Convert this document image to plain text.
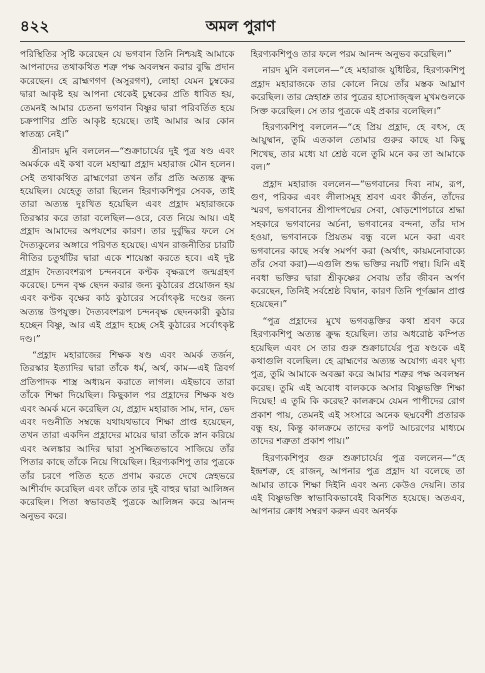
৪২২	অমল পুরাণ

পরিস্থিতির সৃষ্টি করেছেন যে ভগবান তিনি নিশ্চয়ই আমাকে আপনাদের তথাকথিত শত্রু পক্ষ অবলম্বন করার বুদ্ধি প্রদান করেছেন। হে ব্রাহ্মণগণ (অসুরগণ), লোহা যেমন চুম্বকের দ্বারা আকৃষ্ট হয় আপনা থেকেই চুম্বকের প্রতি ধাবিত হয়, তেমনই আমার চেতনা ভগবান বিষ্ণুর দ্বারা পরিবর্তিত হয়ে চক্রপাণির প্রতি আকৃষ্ট হয়েছে। তাই আমার আর কোন স্বাতন্ত্র্য নেই।”

শ্রীনারদ মুনি বললেন—“শুক্রাচার্যের দুই পুত্র ষণ্ড এবং অমর্ককে এই কথা বলে মহাত্মা প্রহ্লাদ মহারাজ মৌন হলেন। সেই তথাকথিত ব্রাহ্মণেরা তখন তাঁর প্রতি অত্যন্ত ক্রুদ্ধ হয়েছিল। যেহেতু তারা ছিলেন হিরণ্যকশিপুর সেবক, তাই তারা অত্যন্ত দুঃখিত হয়েছিল এবং প্রহ্লাদ মহারাজকে তিরস্কার করে তারা বলেছিল—ওরে, বেত নিয়ে আয়। এই প্রহ্লাদ আমাদের অপযশের কারণ। তার দুর্বুদ্ধির ফলে সে দৈত্যকুলের অঙ্গারে পরিণত হয়েছে। এখন রাজনীতির চারটি নীতির চতুর্থটির দ্বারা একে শায়েস্তা করতে হবে। এই দুষ্ট প্রহ্লাদ দৈত্যবংশরূপ চন্দনবনে কণ্টক বৃক্ষরূপে জন্মগ্রহণ করেছে। চন্দন বৃক্ষ ছেদন করার জন্য কুঠারের প্রয়োজন হয় এবং কণ্টক বৃক্ষের কাঠ কুঠারের সর্বোৎকৃষ্ট দণ্ডের জন্য অত্যন্ত উপযুক্ত। দৈত্যবংশরূপ চন্দনবৃক্ষ ছেদনকারী কুঠার হচ্ছেন বিষ্ণু, আর এই প্রহ্লাদ হচ্ছে সেই কুঠারের সর্বোৎকৃষ্ট দণ্ড।”

“প্রহ্লাদ মহারাজের শিক্ষক ষণ্ড এবং অমর্ক তর্জন, তিরস্কার ইত্যাদির দ্বারা তাঁকে ধর্ম, অর্থ, কাম—এই ত্রিবর্গ প্রতিপাদক শাস্ত্র অধ্যয়ন করাতে লাগল। এইভাবে তারা তাঁকে শিক্ষা দিয়েছিল। কিছুকাল পর প্রহ্লাদের শিক্ষক ষণ্ড এবং অমর্ক মনে করেছিল যে, প্রহ্লাদ মহারাজ সাম, দান, ভেদ এবং দণ্ডনীতি সম্বন্ধে যথাযথভাবে শিক্ষা প্রাপ্ত হয়েছেন, তখন তারা একদিন প্রহ্লাদের মায়ের দ্বারা তাঁকে স্নান করিয়ে এবং অলঙ্কার আদির দ্বারা সুসজ্জিতভাবে সাজিয়ে তাঁর পিতার কাছে তাঁকে নিয়ে গিয়েছিল। হিরণ্যকশিপু তার পুত্রকে তাঁর চরণে পতিত হতে প্রণাম করতে দেখে স্নেহভরে আশীর্বাদ করেছিল এবং তাঁকে তার দুই বাহুর দ্বারা আলিঙ্গন করেছিল। পিতা স্বভাবতই পুত্রকে আলিঙ্গন করে আনন্দ অনুভব করে।

হিরণ্যকশিপুও তার ফলে পরম আনন্দ অনুভব করেছিল।”

নারদ মুনি বললেন—“হে মহারাজ যুধিষ্ঠির, হিরণ্যকশিপু প্রহ্লাদ মহারাজকে তার কোলে নিয়ে তাঁর মস্তক আঘ্রাণ করেছিল। তার স্নেহাশ্রু তার পুত্রের হাস্যোজ্জ্বল মুখমণ্ডলকে সিক্ত করেছিল। সে তার পুত্রকে এই প্রকার বলেছিল।”

হিরণ্যকশিপু বললেন—“হে প্রিয় প্রহ্লাদ, হে বৎস, হে আয়ুষ্মান, তুমি এতকাল তোমার গুরুর কাছে যা কিছু শিখেছ, তার মধ্যে যা শ্রেষ্ঠ বলে তুমি মনে কর তা আমাকে বল।”

প্রহ্লাদ মহারাজ বললেন—“ভগবানের দিব্য নাম, রূপ, গুণ, পরিকর এবং লীলাসমূহ শ্রবণ এবং কীর্তন, তাঁদের স্মরণ, ভগবানের শ্রীপাদপদ্মের সেবা, ষোড়শোপচারে শ্রদ্ধা সহকারে ভগবানের অর্চনা, ভগবানের বন্দনা, তাঁর দাস হওয়া, ভগবানকে প্রিয়তম বন্ধু বলে মনে করা এবং ভগবানের কাছে সর্বস্ব সমর্পণ করা (অর্থাৎ, কায়মনোবাক্যে তাঁর সেবা করা)—এগুলি শুদ্ধ ভক্তির নয়টি পন্থা। যিনি এই নবধা ভক্তির দ্বারা শ্রীকৃষ্ণের সেবায় তাঁর জীবন অর্পণ করেছেন, তিনিই সর্বশ্রেষ্ঠ বিদ্বান, কারণ তিনি পূর্ণজ্ঞান প্রাপ্ত হয়েছেন।”

“পুত্র প্রহ্লাদের মুখে ভগবদ্ভক্তির কথা শ্রবণ করে হিরণ্যকশিপু অত্যন্ত ক্রুদ্ধ হয়েছিল। তার অধরোষ্ঠ কম্পিত হয়েছিল এবং সে তার গুরু শুক্রাচার্যের পুত্র ষণ্ডকে এই কথাগুলি বলেছিল। হে ব্রাহ্মণের অত্যন্ত অযোগ্য এবং ঘৃণ্য পুত্র, তুমি আমাকে অবজ্ঞা করে আমার শত্রুর পক্ষ অবলম্বন করেছ। তুমি এই অবোধ বালককে অসার বিষ্ণুভক্তি শিক্ষা দিয়েছ! এ তুমি কি করেছ? কালক্রমে যেমন পাপীদের রোগ প্রকাশ পায়, তেমনই এই সংসারে অনেক ছদ্মবেশী প্রতারক বন্ধু হয়, কিন্তু কালক্রমে তাদের কপট আচরণের মাধ্যমে তাদের শত্রুতা প্রকাশ পায়।”

হিরণ্যকশিপুর গুরু শুক্রাচার্যের পুত্র বললেন—“হে ইন্দ্রশত্রু, হে রাজন্, আপনার পুত্র প্রহ্লাদ যা বলেছে তা আমার তাকে শিক্ষা দিইনি এবং অন্য কেউও দেয়নি। তার এই বিষ্ণুভক্তি স্বাভাবিকভাবেই বিকশিত হয়েছে। অতএব, আপনার ক্রোধ সম্বরণ করুন এবং অনর্থক
